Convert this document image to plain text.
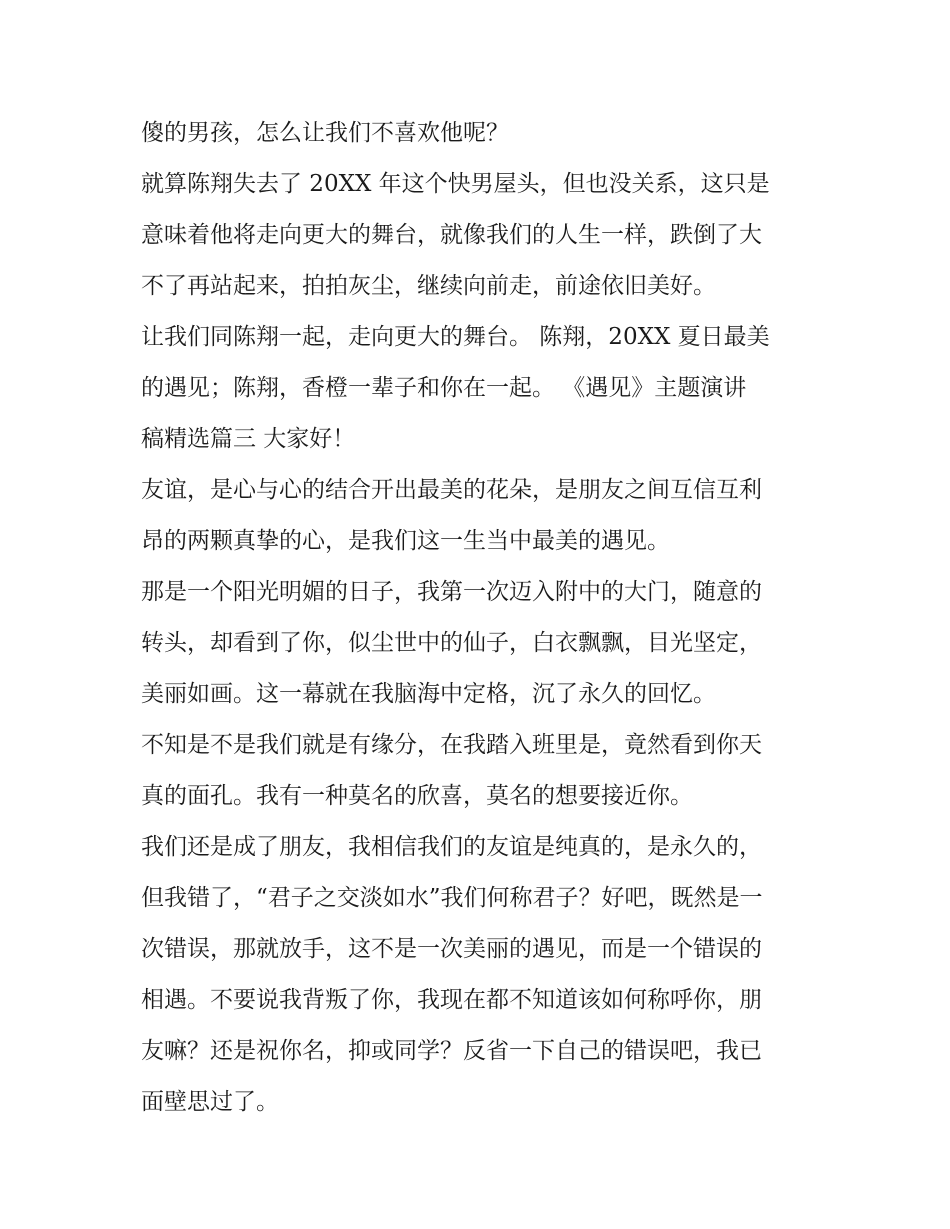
傻的男孩，怎么让我们不喜欢他呢？
就算陈翔失去了 20XX 年这个快男屋头，但也没关系，这只是
意味着他将走向更大的舞台，就像我们的人生一样，跌倒了大
不了再站起来，拍拍灰尘，继续向前走，前途依旧美好。
让我们同陈翔一起，走向更大的舞台。 陈翔，20XX 夏日最美
的遇见；陈翔，香橙一辈子和你在一起。 《遇见》主题演讲
稿精选篇三 大家好！
友谊，是心与心的结合开出最美的花朵，是朋友之间互信互利
昂的两颗真挚的心，是我们这一生当中最美的遇见。
那是一个阳光明媚的日子，我第一次迈入附中的大门，随意的
转头，却看到了你，似尘世中的仙子，白衣飘飘，目光坚定，
美丽如画。这一幕就在我脑海中定格，沉了永久的回忆。
不知是不是我们就是有缘分，在我踏入班里是，竟然看到你天
真的面孔。我有一种莫名的欣喜，莫名的想要接近你。
我们还是成了朋友，我相信我们的友谊是纯真的，是永久的，
但我错了，“君子之交淡如水”我们何称君子？好吧，既然是一
次错误，那就放手，这不是一次美丽的遇见，而是一个错误的
相遇。不要说我背叛了你，我现在都不知道该如何称呼你，朋
友嘛？还是祝你名，抑或同学？反省一下自己的错误吧，我已
面壁思过了。
